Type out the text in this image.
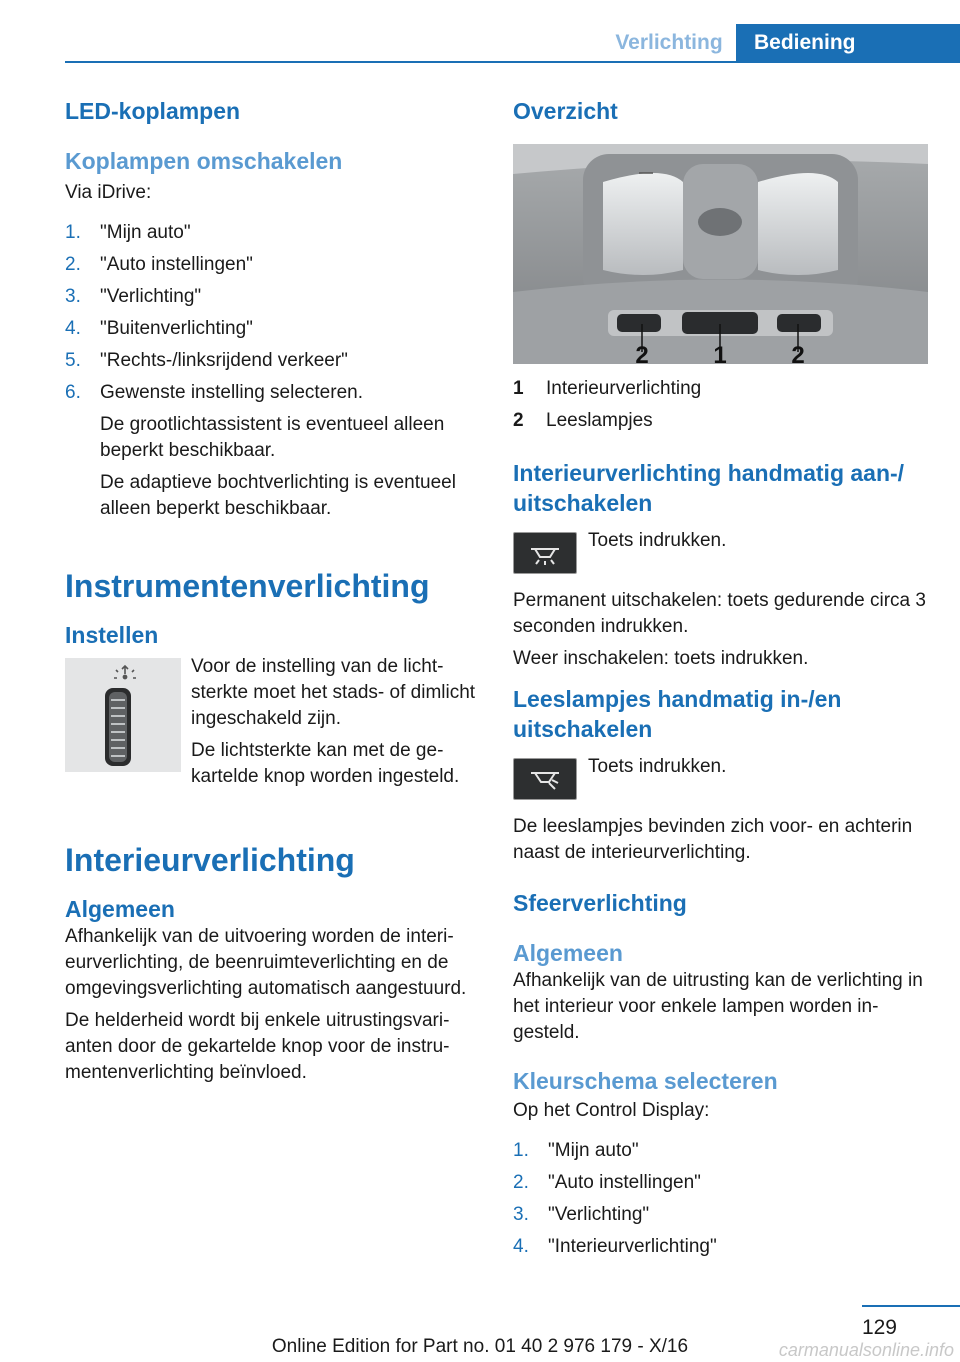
Verlichting	Bediening
LED-koplampen
Koplampen omschakelen

Via iDrive:

1.	"Mijn auto"
2.	"Auto instellingen"
3.	"Verlichting"
4.	"Buitenverlichting"
5.	"Rechts-/linksrijdend verkeer"
6.	Gewenste instelling selecteren.

De grootlichtassistent is eventueel alleen beperkt beschikbaar.

De adaptieve bochtverlichting is eventueel alleen beperkt beschikbaar.

Instrumentenverlichting
Instellen

Voor de instelling van de lichtsterkte moet het stads- of dimlicht ingeschakeld zijn.

De lichtsterkte kan met de gekartelde knop worden ingesteld.

Interieurverlichting
Algemeen

Afhankelijk van de uitvoering worden de interieurverlichting, de beenruimteverlichting en de omgevingsverlichting automatisch aangestuurd.

De helderheid wordt bij enkele uitrustingsvarianten door de gekartelde knop voor de instrumentenverlichting beïnvloed.

Overzicht
2	1	2
1	Interieurverlichting
2	Leeslampjes
Interieurverlichting handmatig aan-/ uitschakelen

Toets indrukken.

Permanent uitschakelen: toets gedurende circa 3 seconden indrukken.

Weer inschakelen: toets indrukken.

Leeslampjes handmatig in-/en uitschakelen

Toets indrukken.

De leeslampjes bevinden zich voor- en achterin naast de interieurverlichting.

Sfeerverlichting
Algemeen

Afhankelijk van de uitrusting kan de verlichting in het interieur voor enkele lampen worden ingesteld.

Kleurschema selecteren

Op het Control Display:

1.	"Mijn auto"
2.	"Auto instellingen"
3.	"Verlichting"
4.	"Interieurverlichting"
129
Online Edition for Part no. 01 40 2 976 179 - X/16	carmanualsonline.info
